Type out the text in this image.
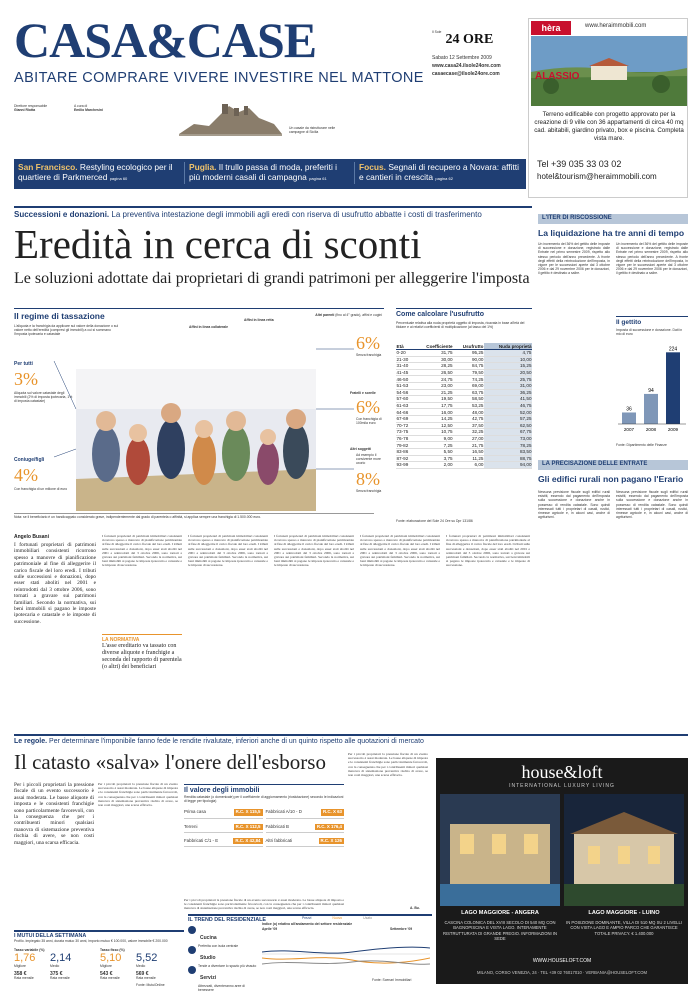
CASA&CASE
ABITARE COMPRARE VIVERE INVESTIRE NEL MATTONE
Direttore responsabile
Gianni Riotta
A cura di
Emilio Marchesini
Un casale da ristrutturare nelle campagne di Sicilia
$^{Il Sole}$ 24 ORE
Sabato 12 Settembre 2009
www.casa24.ilsole24ore.com
casaecase@ilsole24ore.com
hèra	www.heraimmobili.com
ALASSIO
Terreno edificabile con progetto approvato per la creazione di 9 ville con 36 appartamenti di circa 40 mq cad. abitabili, giardino privato, box e piscina. Completa vista mare.
Tel +39 035 33 03 02
hotel&tourism@heraimmobili.com
San Francisco. Restyling ecologico per il quartiere di Parkmerced pagina 60
Puglia. Il trullo passa di moda, preferiti i più moderni casali di campagna pagina 61
Focus. Segnali di recupero a Novara: affitti e cantieri in crescita pagina 62
Successioni e donazioni. La preventiva intestazione degli immobili agli eredi con riserva di usufrutto abbatte i costi di trasferimento
Eredità in cerca di sconti
Le soluzioni adottate dai proprietari di grandi patrimoni per alleggerire l'imposta
Il regime di tassazione
L'aliquota e la franchigia da applicare sul valore della donazione o sul valore netto dell'eredità (compresi gli immobili) a cui si sommano l'imposta ipotecaria e catastale
Per tutti
3%
Aliquota sul valore catastale degli immobili (2% di imposta ipotecaria, 1% di imposta catastale)
Coniuge/figli
4%
Con franchigia di un milione di euro
Affini in linea collaterale
Affini in linea retta
Altri parenti (fino al 4° grado), affini e cugini
6%
Senza franchigia
Fratelli e sorelle
6%
Con franchigia di 100mila euro
Altri soggetti
Ad esempio il convivente more uxorio
8%
Senza franchigia
Nota: se il beneficiario è un handicappato considerato grave, indipendentemente dal grado di parentela o affinità, si applica sempre una franchigia di 1.500.000 euro.
Come calcolare l'usufrutto
Percentuale relativa alla nuda proprietà oggetto di imposta, ricavata in base all'età del titolare e ai relativi coefficienti di moltiplicazione (al tasso del 1%)
Età	Coefficiente	Usufrutto	Nuda proprietà
0-20	31,75	95,25	4,75
21-30	30,00	90,00	10,00
31-40	28,25	84,75	15,25
41-45	26,50	79,50	20,50
46-50	24,75	74,25	25,75
51-53	23,00	69,00	31,00
54-56	21,25	63,75	36,25
57-60	19,50	58,50	41,50
61-63	17,75	53,25	46,75
64-66	16,00	48,00	52,00
67-69	14,25	42,75	57,25
70-72	12,50	37,50	62,50
73-75	10,75	32,25	67,75
76-78	9,00	27,00	73,00
79-82	7,25	21,75	78,25
83-86	5,50	16,50	83,50
87-92	3,75	11,25	88,75
93-99	2,00	6,00	94,00
Fonte: elaborazione del Sole 24 Ore su Dpr 131/86
Angelo Busani
I fortunati proprietari di patrimoni immobiliari consistenti ricorrono spesso a manovre di pianificazione patrimoniale al fine di alleggerire il carico fiscale del loro eredi. I tributi sulle successioni e donazioni, dopo esser stati aboliti nel 2001 e reintrodotti dal 3 ottobre 2006, sono tornati a gravare sui patrimoni familiari. Secondo la normativa, sui beni immobili si pagano le imposte ipotecaria e catastale e le imposte di successione.
I fortunati proprietari di patrimoni immobiliari consistenti ricorrono spesso a manovre di pianificazione patrimoniale al fine di alleggerire il carico fiscale del loro eredi. I tributi sulle successioni e donazioni, dopo esser stati aboliti nel 2001 e reintrodotti dal 3 ottobre 2006, sono tornati a gravare sui patrimoni familiari. Secondo la normativa, sui beni immobili si pagano le imposte ipotecaria e catastale e le imposte di successione.
LA NORMATIVA
L'asse ereditario va tassato con diverse aliquote e franchigie a seconda del rapporto di parentela (o altri) dei beneficiari
I fortunati proprietari di patrimoni immobiliari consistenti ricorrono spesso a manovre di pianificazione patrimoniale al fine di alleggerire il carico fiscale del loro eredi. I tributi sulle successioni e donazioni, dopo esser stati aboliti nel 2001 e reintrodotti dal 3 ottobre 2006, sono tornati a gravare sui patrimoni familiari. Secondo la normativa, sui beni immobili si pagano le imposte ipotecaria e catastale e le imposte di successione.
I fortunati proprietari di patrimoni immobiliari consistenti ricorrono spesso a manovre di pianificazione patrimoniale al fine di alleggerire il carico fiscale del loro eredi. I tributi sulle successioni e donazioni, dopo esser stati aboliti nel 2001 e reintrodotti dal 3 ottobre 2006, sono tornati a gravare sui patrimoni familiari. Secondo la normativa, sui beni immobili si pagano le imposte ipotecaria e catastale e le imposte di successione.
I fortunati proprietari di patrimoni immobiliari consistenti ricorrono spesso a manovre di pianificazione patrimoniale al fine di alleggerire il carico fiscale del loro eredi. I tributi sulle successioni e donazioni, dopo esser stati aboliti nel 2001 e reintrodotti dal 3 ottobre 2006, sono tornati a gravare sui patrimoni familiari. Secondo la normativa, sui beni immobili si pagano le imposte ipotecaria e catastale e le imposte di successione.
I fortunati proprietari di patrimoni immobiliari consistenti ricorrono spesso a manovre di pianificazione patrimoniale al fine di alleggerire il carico fiscale del loro eredi. I tributi sulle successioni e donazioni, dopo esser stati aboliti nel 2001 e reintrodotti dal 3 ottobre 2006, sono tornati a gravare sui patrimoni familiari. Secondo la normativa, sui beni immobili si pagano le imposte ipotecaria e catastale e le imposte di successione.
L'ITER DI RISCOSSIONE
La liquidazione ha tre anni di tempo
Un incremento del 36% del gettito delle imposte di successione e donazione, registrato dalle Entrate nel primo semestre 2009, rispetto allo stesso periodo dell'anno precedente. A fronte degli effetti della reintroduzione dell'imposta, in vigore per le successioni aperte dal 3 ottobre 2006 e dal 29 novembre 2006 per le donazioni, il gettito è destinato a salire.
Un incremento del 36% del gettito delle imposte di successione e donazione, registrato dalle Entrate nel primo semestre 2009, rispetto allo stesso periodo dell'anno precedente. A fronte degli effetti della reintroduzione dell'imposta, in vigore per le successioni aperte dal 3 ottobre 2006 e dal 29 novembre 2006 per le donazioni, il gettito è destinato a salire.
Il gettito
Imposta di successione e donazione. Dati in mio di euro
36
2007
94
2008
224
2009
Fonte: Dipartimento delle Finanze
LA PRECISAZIONE DELLE ENTRATE
Gli edifici rurali non pagano l'Erario
Nessuna previsione fiscale sugli edifici rurali esistiti, essendo dal pagamento dell'imposta sulla successione e donazione anche in possesso di rendita catastale. Sono quindi interessati tutti i proprietari di casali, rustici, rimesse agricole e, in alcuni casi, anche di agriturismi.
Nessuna previsione fiscale sugli edifici rurali esistiti, essendo dal pagamento dell'imposta sulla successione e donazione anche in possesso di rendita catastale. Sono quindi interessati tutti i proprietari di casali, rustici, rimesse agricole e, in alcuni casi, anche di agriturismi.
Le regole. Per determinare l'imponibile fanno fede le rendite rivalutate, inferiori anche di un quinto rispetto alle quotazioni di mercato
Il catasto «salva» l'onere dell'esborso
Per i piccoli proprietari la pressione fiscale di un evento successorio è assai moderata. Le basse aliquote di imposta e le consistenti franchigie sono particolarmente favorevoli, con la conseguenza che per i contribuenti minori qualsiasi manovra di sistemazione preventiva rischia di avere, se non costi maggiori, una scarsa efficacia.
Per i piccoli proprietari la pressione fiscale di un evento successorio è assai moderata. Le basse aliquote di imposta e le consistenti franchigie sono particolarmente favorevoli, con la conseguenza che per i contribuenti minori qualsiasi manovra di sistemazione preventiva rischia di avere, se non costi maggiori, una scarsa efficacia.
Per i piccoli proprietari la pressione fiscale di un evento successorio è assai moderata. Le basse aliquote di imposta e le consistenti franchigie sono particolarmente favorevoli, con la conseguenza che per i contribuenti minori qualsiasi manovra di sistemazione preventiva rischia di avere, se non costi maggiori, una scarsa efficacia.
A. Bu.
Il valore degli immobili
Rendita catastale (o domenicale) per il coefficiente di aggiornamento (rivalutazione) secondo le indicazioni di legge per tipologia)
Prima casa	R.C. X 115,5	Fabbricati A/10 - D	R.C. X 63
Terreni	R.C. X 112,5	Fabbricati B	R.C. X 176,4
Fabbricati C/1 - E	R.C. X 42,84	Altri fabbricati	R.C. X 126
Per i piccoli proprietari la pressione fiscale di un evento successorio è assai moderata. Le basse aliquote di imposta e le consistenti franchigie sono particolarmente favorevoli, con la conseguenza che per i contribuenti minori qualsiasi manovra di sistemazione preventiva rischia di avere, se non costi maggiori, una scarsa efficacia.
house&loft
INTERNATIONAL LUXURY LIVING
LAGO MAGGIORE - ANGERA
CASCINA COLONICA DEL XVIII SECOLO DI 540 MQ CON BAGNOPISCINA E VISTA LAGO. INTERAMENTE RISTRUTTURATA DI GRANDE PREGIO. INFORMAZIONI IN SEDE
LAGO MAGGIORE - LUINO
IN POSIZIONE DOMINANTE, VILLA DI 510 MQ SU 2 LIVELLI CON VISTA LAGO E AMPIO PARCO CHE GARANTISCE TOTALE PRIVACY. € 1.400.000
WWW.HOUSELOFT.COM
MILANO, CORSO VENEZIA, 24 · TEL +39 02 76017010 · VERBANIA@HOUSELOFT.COM
I MUTUI DELLA SETTIMANA
Profilo. Impiegato 35 anni, durata mutuo 30 anni, importo mutuo € 100.000, valore immobile € 200.000
Tasso variabile (%)	Tasso fisso (%)
1,76
Migliore
2,14
Medio
5,10
Migliore
5,52
Medio
358 €
Rata mensile
375 €
Rata mensile
543 €
Rata mensile
569 €
Rata mensile
Fonte: MutuiOnline
IL TREND DEL RESIDENZIALE
Cucina
Preferita con isola centrale
Studio
Tende a diventare lo spazio più vissuto
Servizi
Attrezzati, diventeranno aree di benessere
Indice (o) relativo all'andamento del settore residenziale
Prezzi	Nuovo	Usato
Aprile '09	Settembre '09
Fonte: Scenari Immobiliari
